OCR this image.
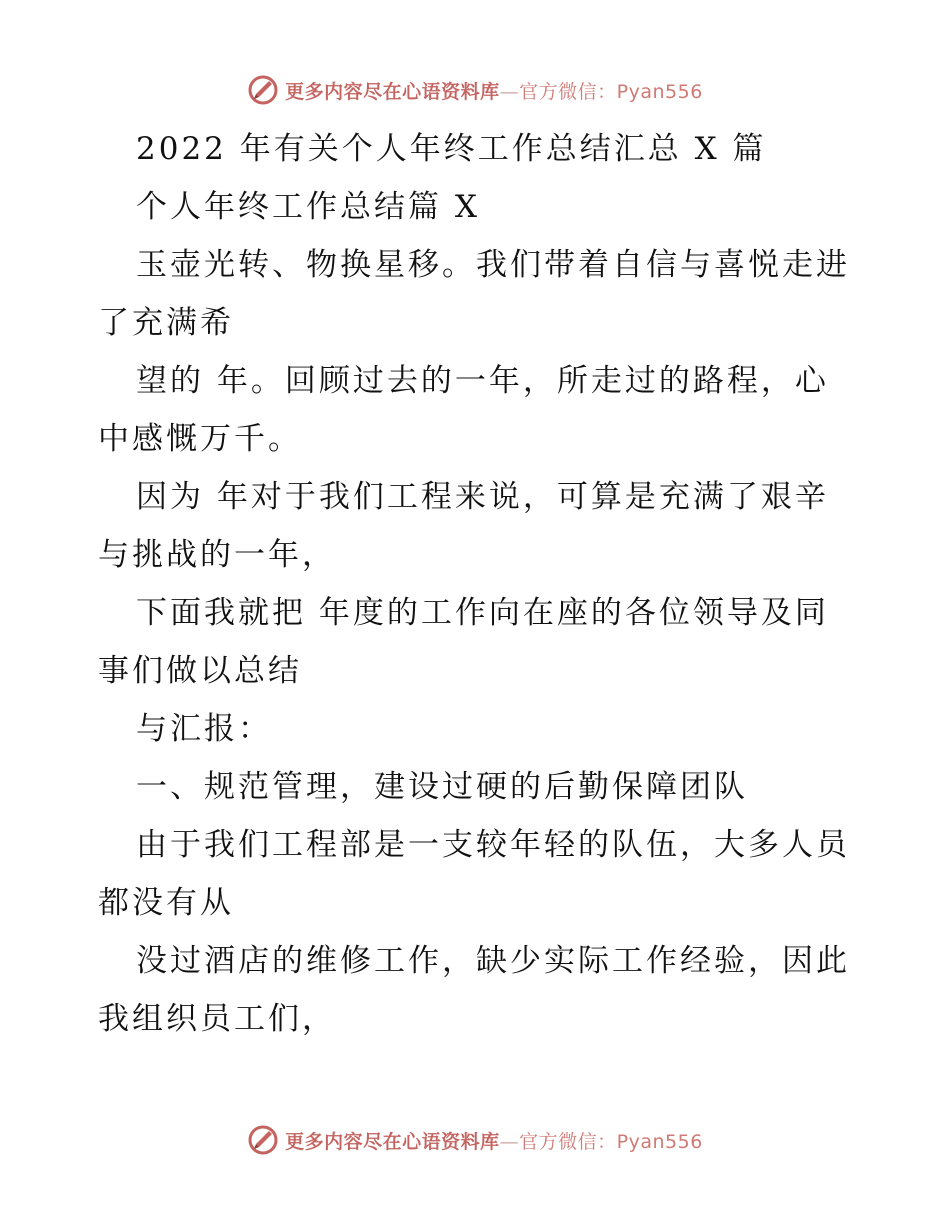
更多内容尽在心语资料库—官方微信：Pyan556
2022 年有关个人年终工作总结汇总 X 篇
个人年终工作总结篇 X
玉壶光转、物换星移。我们带着自信与喜悦走进
了充满希
望的 年。回顾过去的一年，所走过的路程，心
中感慨万千。
因为 年对于我们工程来说，可算是充满了艰辛
与挑战的一年，
下面我就把 年度的工作向在座的各位领导及同
事们做以总结
与汇报：
一、规范管理，建设过硬的后勤保障团队
由于我们工程部是一支较年轻的队伍，大多人员
都没有从
没过酒店的维修工作，缺少实际工作经验，因此
我组织员工们，
更多内容尽在心语资料库—官方微信：Pyan556
